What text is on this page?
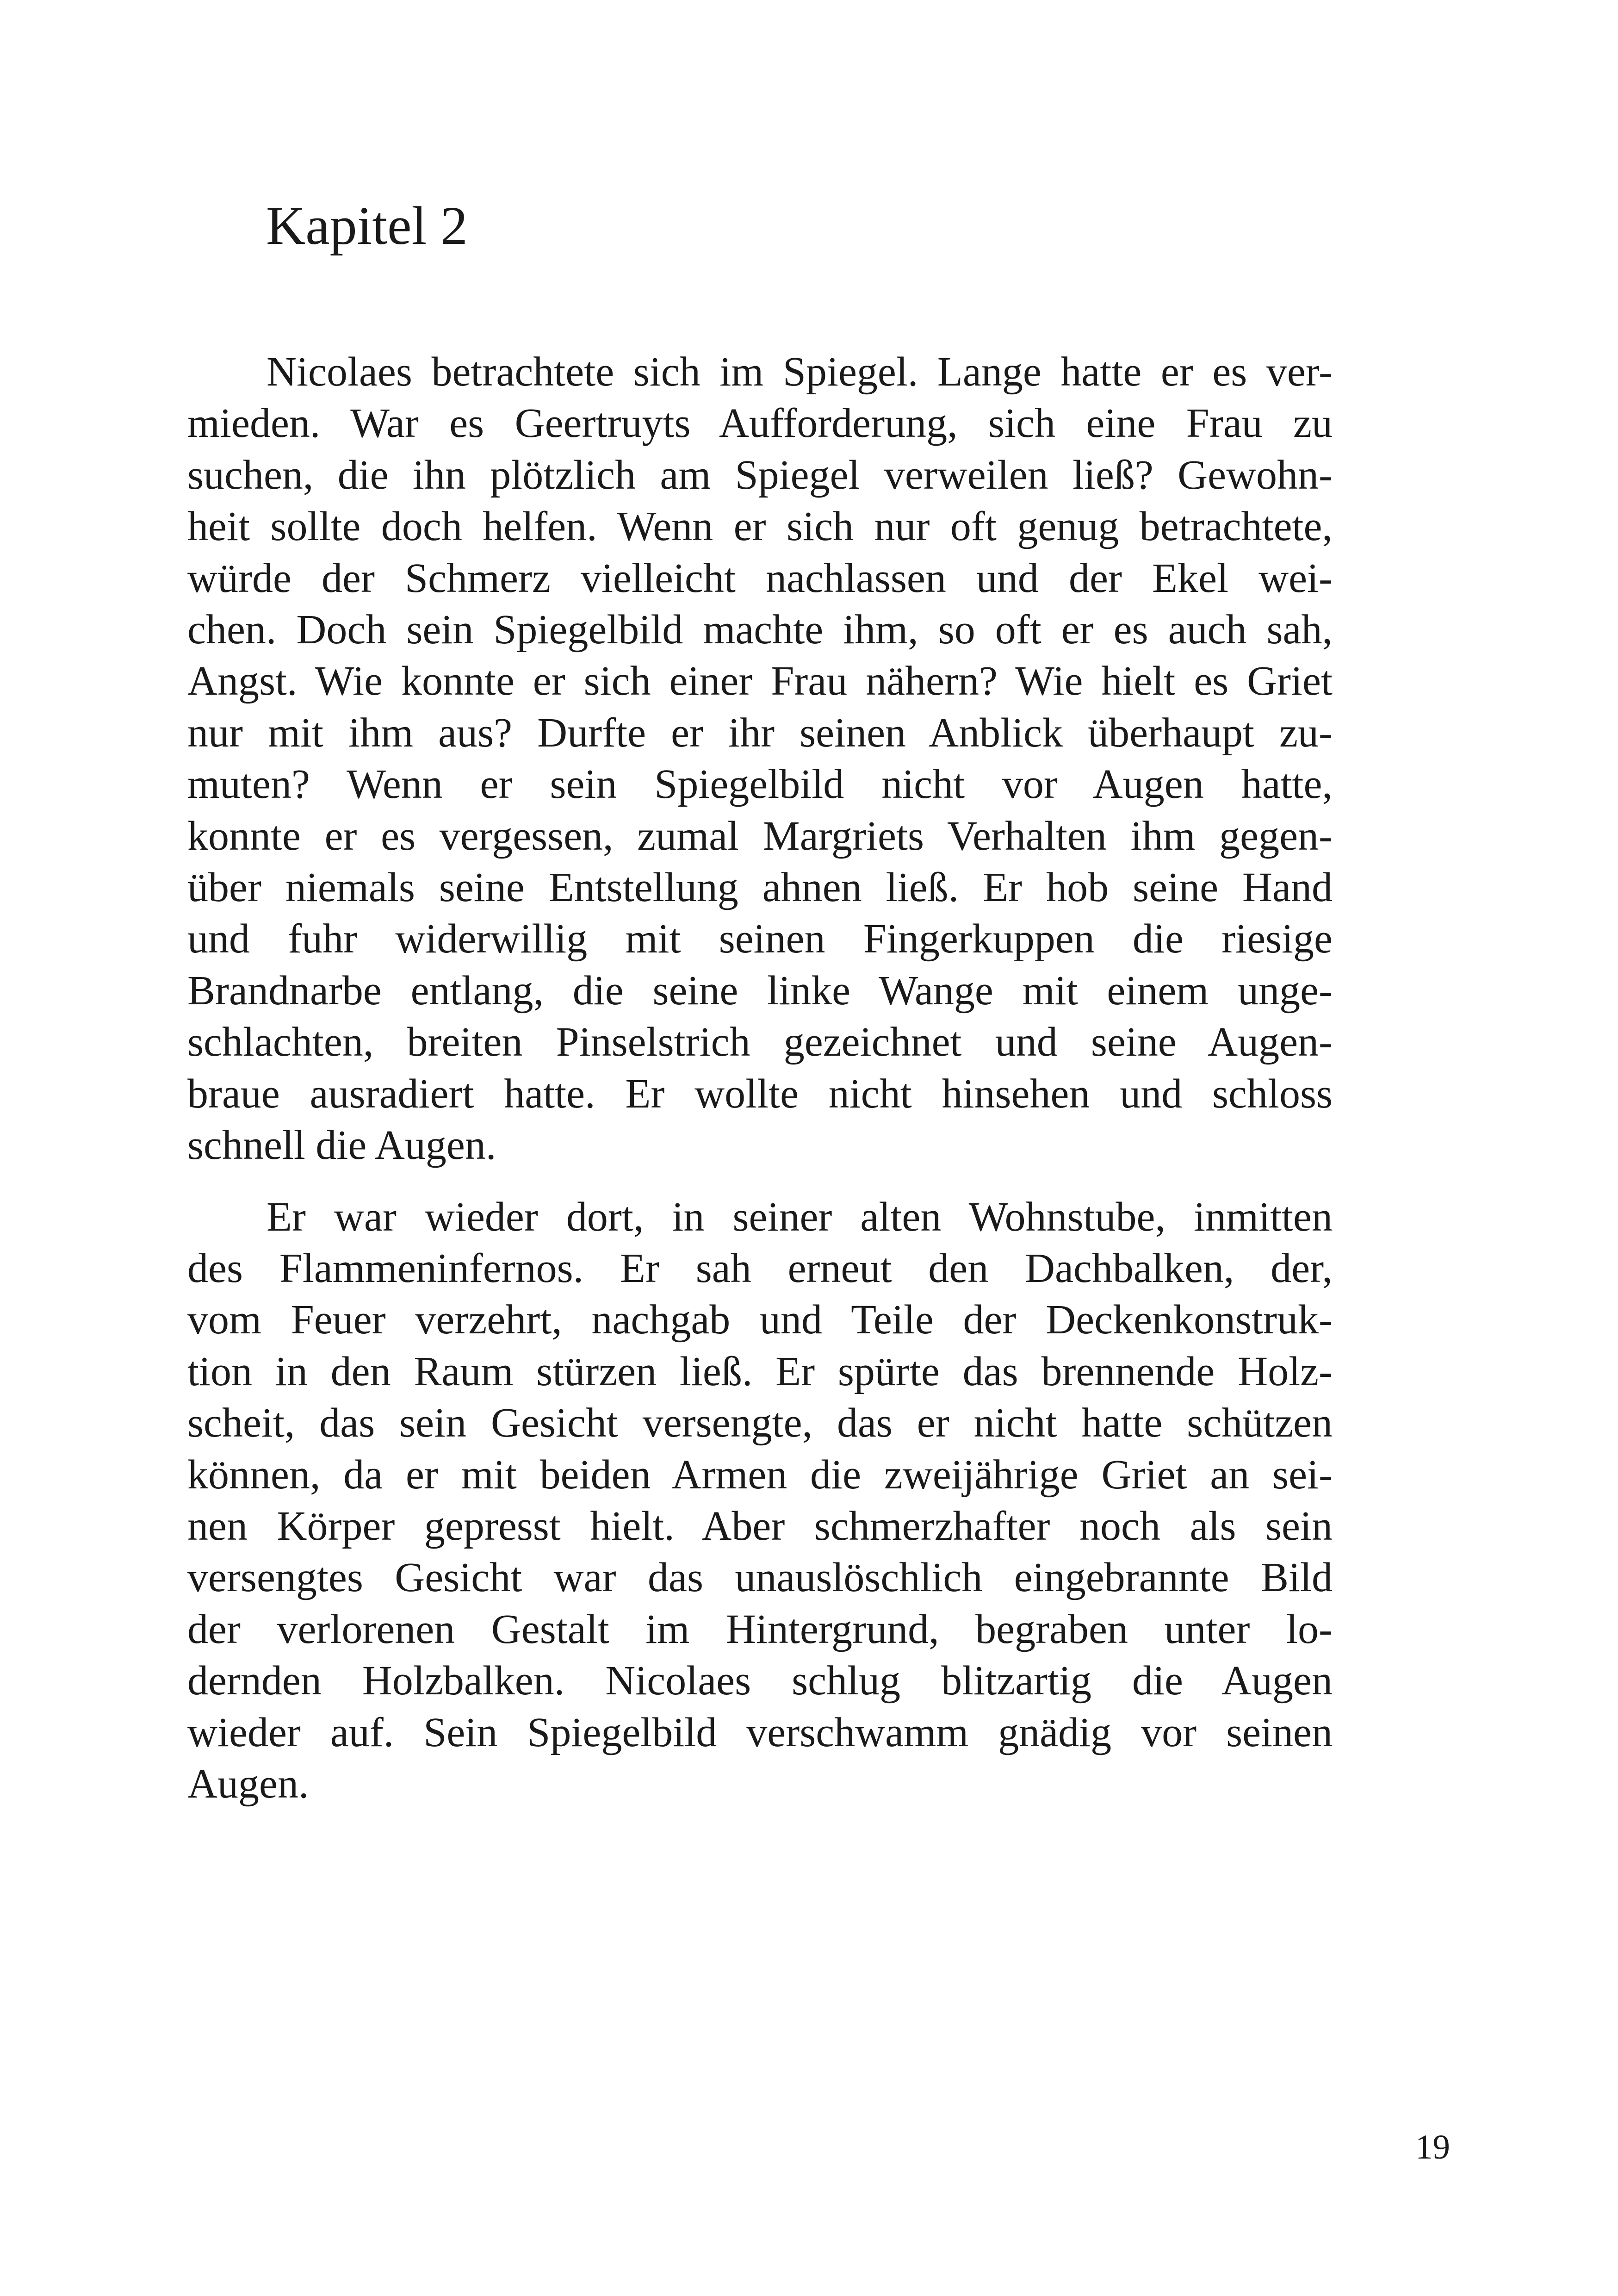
Kapitel 2

Nicolaes betrachtete sich im Spiegel. Lange hatte er es ver-
mieden. War es Geertruyts Aufforderung, sich eine Frau zu
suchen, die ihn plötzlich am Spiegel verweilen ließ? Gewohn-
heit sollte doch helfen. Wenn er sich nur oft genug betrachtete,
würde der Schmerz vielleicht nachlassen und der Ekel wei-
chen. Doch sein Spiegelbild machte ihm, so oft er es auch sah,
Angst. Wie konnte er sich einer Frau nähern? Wie hielt es Griet
nur mit ihm aus? Durfte er ihr seinen Anblick überhaupt zu-
muten? Wenn er sein Spiegelbild nicht vor Augen hatte,
konnte er es vergessen, zumal Margriets Verhalten ihm gegen-
über niemals seine Entstellung ahnen ließ. Er hob seine Hand
und fuhr widerwillig mit seinen Fingerkuppen die riesige
Brandnarbe entlang, die seine linke Wange mit einem unge-
schlachten, breiten Pinselstrich gezeichnet und seine Augen-
braue ausradiert hatte. Er wollte nicht hinsehen und schloss
schnell die Augen.

Er war wieder dort, in seiner alten Wohnstube, inmitten
des Flammeninfernos. Er sah erneut den Dachbalken, der,
vom Feuer verzehrt, nachgab und Teile der Deckenkonstruk-
tion in den Raum stürzen ließ. Er spürte das brennende Holz-
scheit, das sein Gesicht versengte, das er nicht hatte schützen
können, da er mit beiden Armen die zweijährige Griet an sei-
nen Körper gepresst hielt. Aber schmerzhafter noch als sein
versengtes Gesicht war das unauslöschlich eingebrannte Bild
der verlorenen Gestalt im Hintergrund, begraben unter lo-
dernden Holzbalken. Nicolaes schlug blitzartig die Augen
wieder auf. Sein Spiegelbild verschwamm gnädig vor seinen
Augen.

19
